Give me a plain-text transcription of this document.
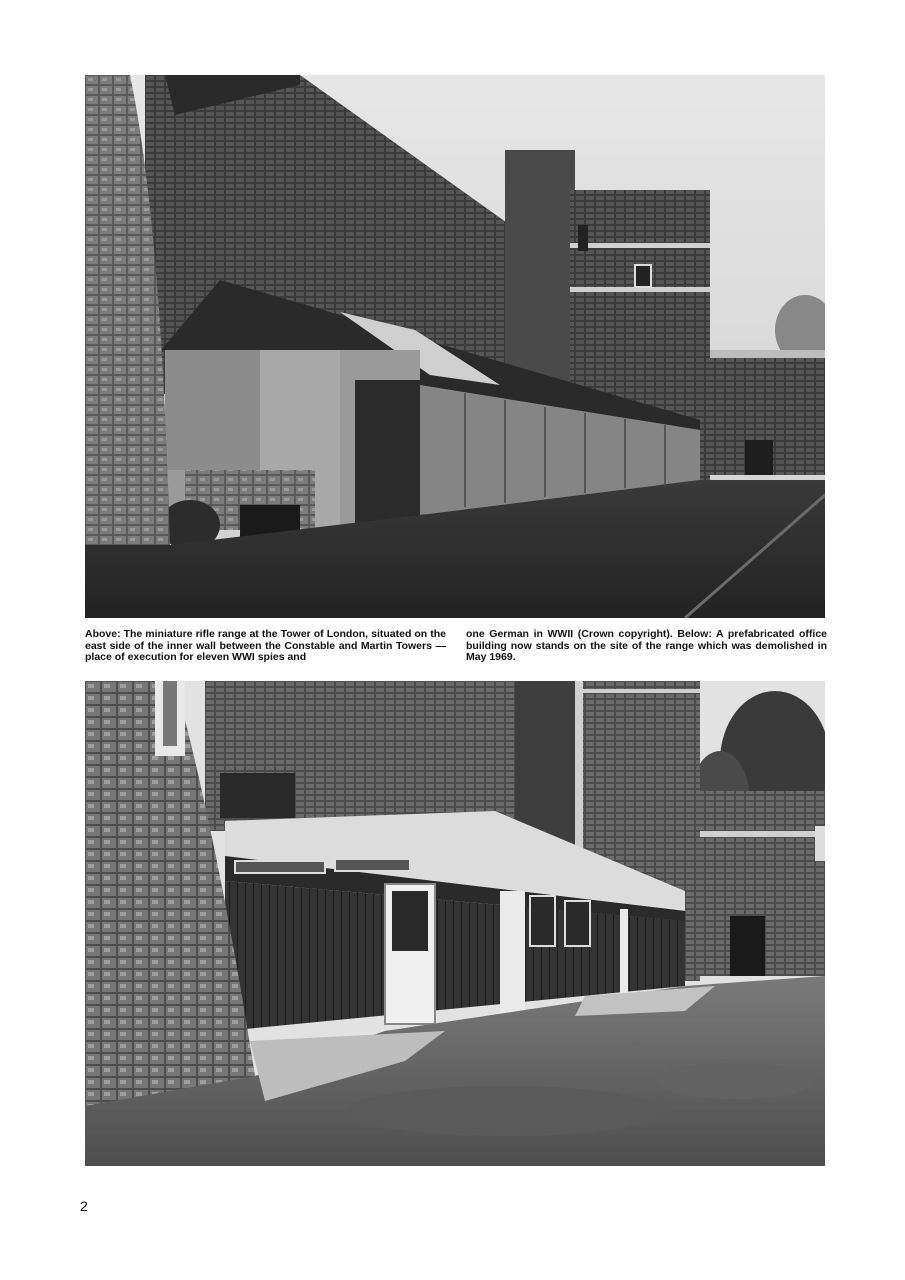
Above: The miniature rifle range at the Tower of London, situated on the east side of the inner wall between the Constable and Martin Towers — place of execution for eleven WWI spies and
one German in WWII (Crown copyright). Below: A prefabricated office building now stands on the site of the range which was demolished in May 1969.
2
